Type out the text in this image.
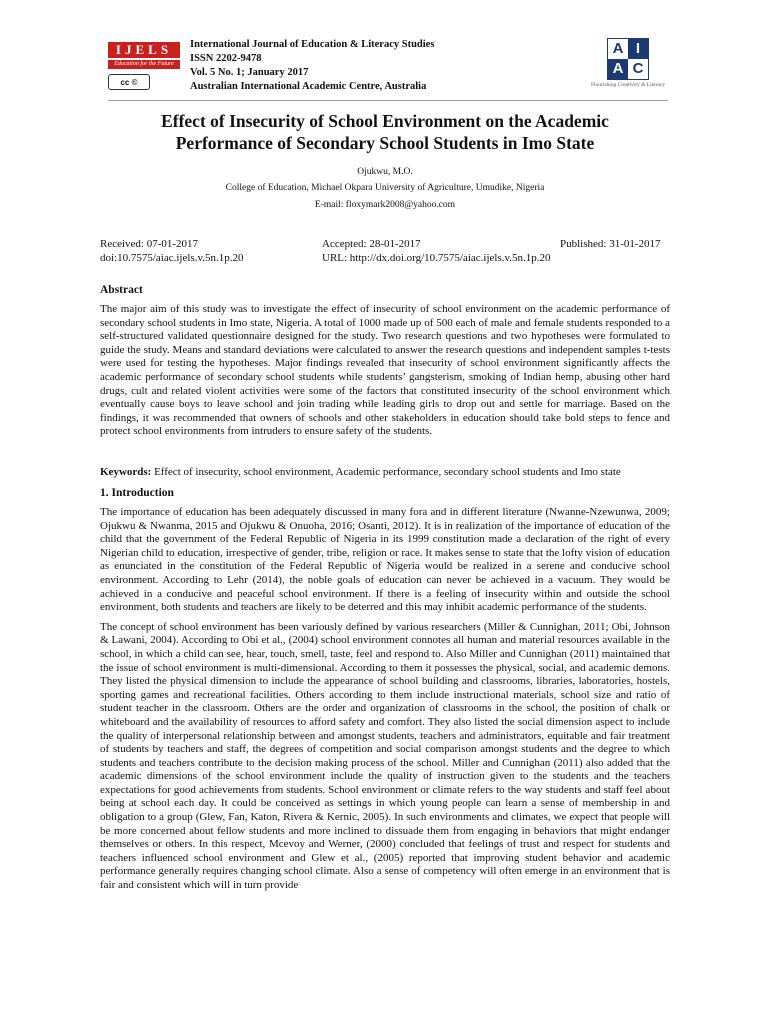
IJELS
Education for the Future
cc ©
International Journal of Education & Literacy Studies
ISSN 2202-9478
Vol. 5 No. 1; January 2017
Australian International Academic Centre, Australia
A I
A C
Flourishing Creativity & Literacy
Effect of Insecurity of School Environment on the Academic
Performance of Secondary School Students in Imo State
Ojukwu, M.O.
College of Education, Michael Okpara University of Agriculture, Umudike, Nigeria
E-mail: floxymark2008@yahoo.com
Received: 07-01-2017	Accepted: 28-01-2017	Published: 31-01-2017
doi:10.7575/aiac.ijels.v.5n.1p.20	URL: http://dx.doi.org/10.7575/aiac.ijels.v.5n.1p.20
Abstract

The major aim of this study was to investigate the effect of insecurity of school environment on the academic performance of secondary school students in Imo state, Nigeria. A total of 1000 made up of 500 each of male and female students responded to a self-structured validated questionnaire designed for the study. Two research questions and two hypotheses were formulated to guide the study. Means and standard deviations were calculated to answer the research questions and independent samples t-tests were used for testing the hypotheses. Major findings revealed that insecurity of school environment significantly affects the academic performance of secondary school students while students’ gangsterism, smoking of Indian hemp, abusing other hard drugs, cult and related violent activities were some of the factors that constituted insecurity of the school environment which eventually cause boys to leave school and join trading while leading girls to drop out and settle for marriage. Based on the findings, it was recommended that owners of schools and other stakeholders in education should take bold steps to fence and protect school environments from intruders to ensure safety of the students.

Keywords: Effect of insecurity, school environment, Academic performance, secondary school students and Imo state
1. Introduction

The importance of education has been adequately discussed in many fora and in different literature (Nwanne-Nzewunwa, 2009; Ojukwu & Nwanma, 2015 and Ojukwu & Onuoha, 2016; Osanti, 2012). It is in realization of the importance of education of the child that the government of the Federal Republic of Nigeria in its 1999 constitution made a declaration of the right of every Nigerian child to education, irrespective of gender, tribe, religion or race. It makes sense to state that the lofty vision of education as enunciated in the constitution of the Federal Republic of Nigeria would be realized in a serene and conducive school environment. According to Lehr (2014), the noble goals of education can never be achieved in a vacuum. They would be achieved in a conducive and peaceful school environment. If there is a feeling of insecurity within and outside the school environment, both students and teachers are likely to be deterred and this may inhibit academic performance of the students.

The concept of school environment has been variously defined by various researchers (Miller & Cunnighan, 2011; Obi, Johnson & Lawani, 2004). According to Obi et al., (2004) school environment connotes all human and material resources available in the school, in which a child can see, hear, touch, smell, taste, feel and respond to. Also Miller and Cunnighan (2011) maintained that the issue of school environment is multi-dimensional. According to them it possesses the physical, social, and academic demons. They listed the physical dimension to include the appearance of school building and classrooms, libraries, laboratories, hostels, sporting games and recreational facilities. Others according to them include instructional materials, school size and ratio of student teacher in the classroom. Others are the order and organization of classrooms in the school, the position of chalk or whiteboard and the availability of resources to afford safety and comfort. They also listed the social dimension aspect to include the quality of interpersonal relationship between and amongst students, teachers and administrators, equitable and fair treatment of students by teachers and staff, the degrees of competition and social comparison amongst students and the degree to which students and teachers contribute to the decision making process of the school. Miller and Cunnighan (2011) also added that the academic dimensions of the school environment include the quality of instruction given to the students and the teachers expectations for good achievements from students. School environment or climate refers to the way students and staff feel about being at school each day. It could be conceived as settings in which young people can learn a sense of membership in and obligation to a group (Glew, Fan, Katon, Rivera & Kernic, 2005). In such environments and climates, we expect that people will be more concerned about fellow students and more inclined to dissuade them from engaging in behaviors that might endanger themselves or others. In this respect, Mcevoy and Werner, (2000) concluded that feelings of trust and respect for students and teachers influenced school environment and Glew et al., (2005) reported that improving student behavior and academic performance generally requires changing school climate. Also a sense of competency will often emerge in an environment that is fair and consistent which will in turn provide
